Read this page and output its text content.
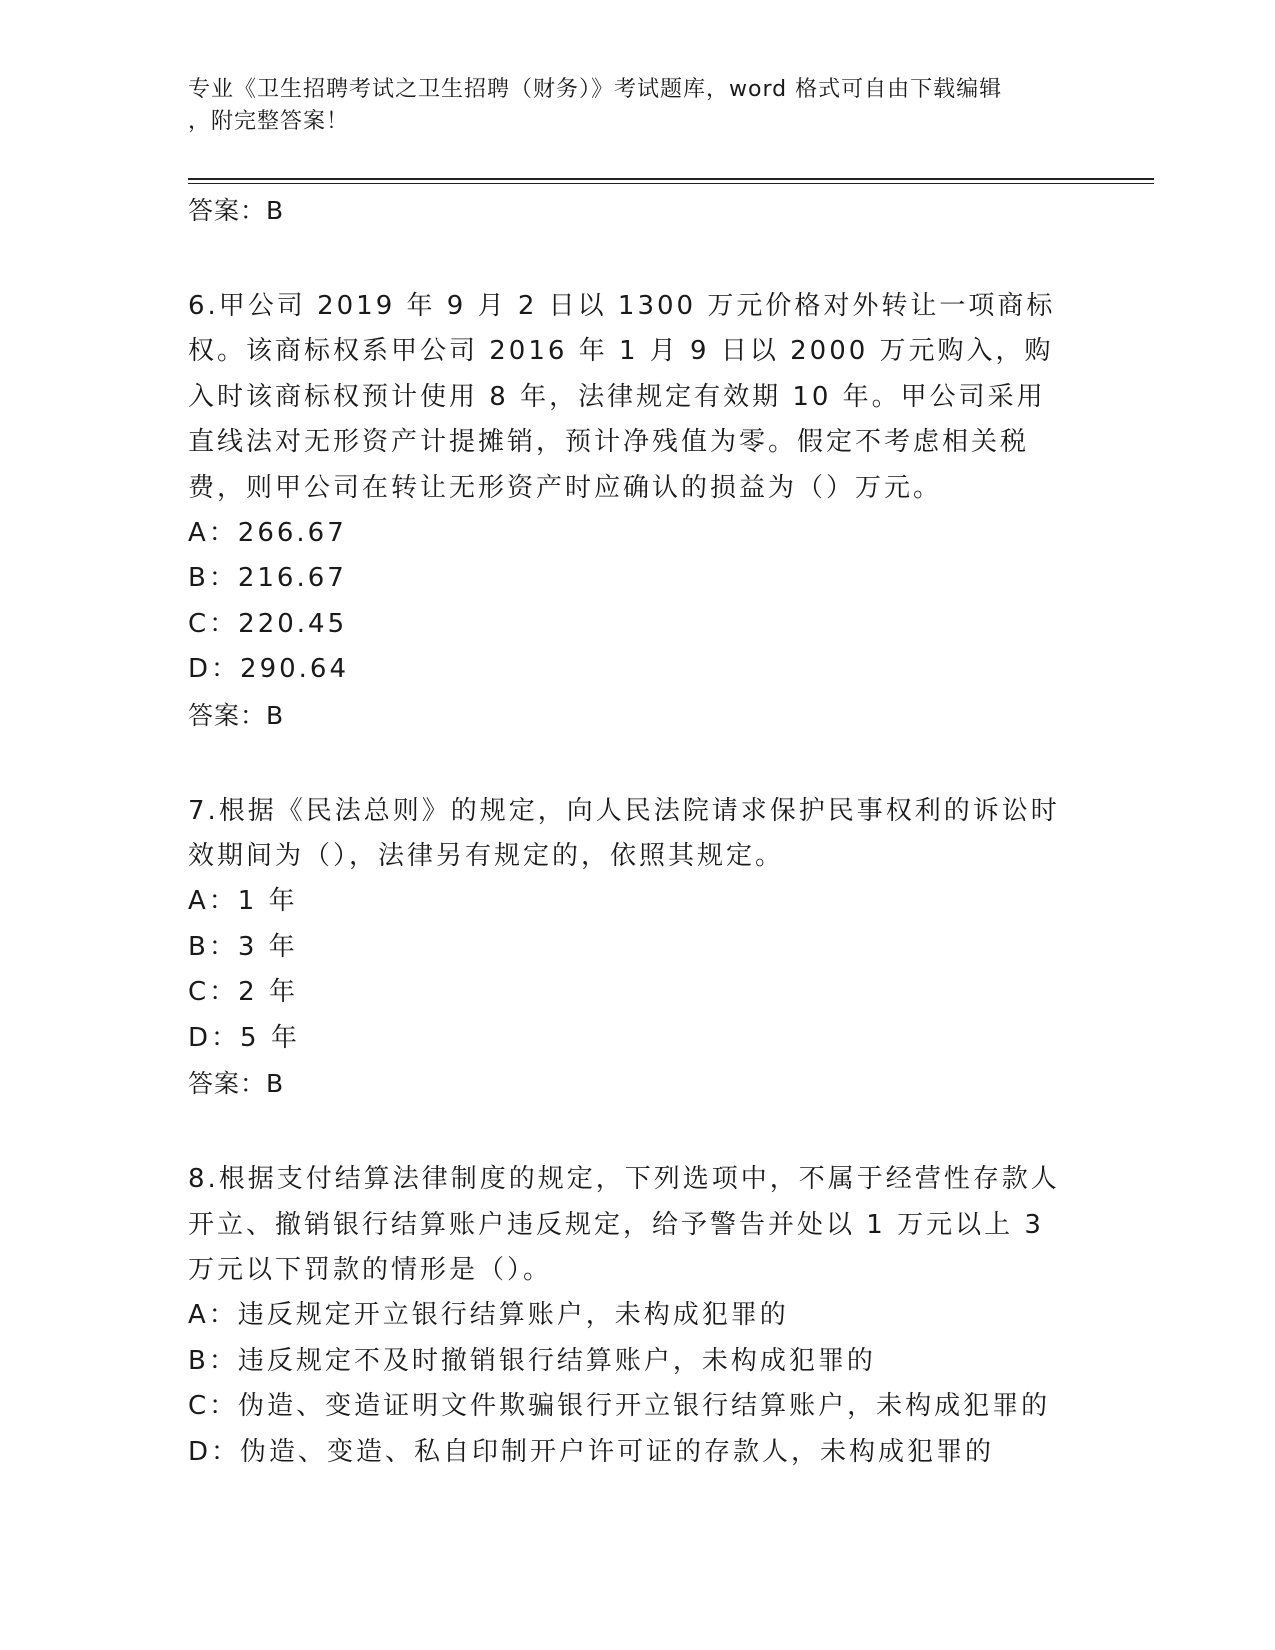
专业《卫生招聘考试之卫生招聘（财务）》考试题库，word 格式可自由下载编辑
，附完整答案！
答案：B

6.甲公司 2019 年 9 月 2 日以 1300 万元价格对外转让一项商标权。该商标权系甲公司 2016 年 1 月 9 日以 2000 万元购入，购入时该商标权预计使用 8 年，法律规定有效期 10 年。甲公司采用直线法对无形资产计提摊销，预计净残值为零。假定不考虑相关税费，则甲公司在转让无形资产时应确认的损益为（）万元。

A：266.67
B：216.67
C：220.45
D：290.64
答案：B

7.根据《民法总则》的规定，向人民法院请求保护民事权利的诉讼时效期间为（），法律另有规定的，依照其规定。

A：1 年
B：3 年
C：2 年
D：5 年
答案：B

8.根据支付结算法律制度的规定，下列选项中，不属于经营性存款人开立、撤销银行结算账户违反规定，给予警告并处以 1 万元以上 3 万元以下罚款的情形是（）。

A：违反规定开立银行结算账户，未构成犯罪的
B：违反规定不及时撤销银行结算账户，未构成犯罪的
C：伪造、变造证明文件欺骗银行开立银行结算账户，未构成犯罪的
D：伪造、变造、私自印制开户许可证的存款人，未构成犯罪的
